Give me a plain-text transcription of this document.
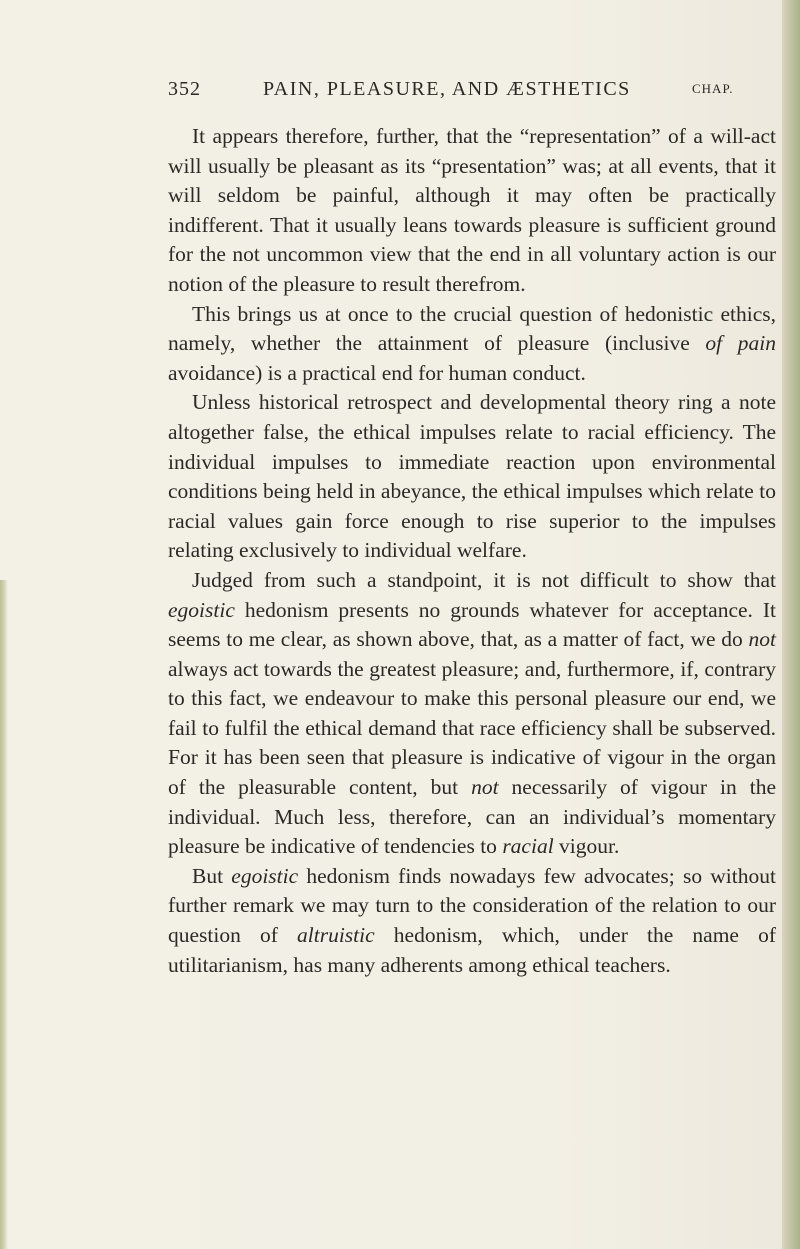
352	PAIN, PLEASURE, AND ÆSTHETICS	CHAP.

It appears therefore, further, that the “representation” of a will-act will usually be pleasant as its “presentation” was; at all events, that it will seldom be painful, although it may often be practically indifferent. That it usually leans towards pleasure is sufficient ground for the not uncommon view that the end in all voluntary action is our notion of the pleasure to result therefrom.

This brings us at once to the crucial question of hedonistic ethics, namely, whether the attainment of pleasure (inclusive of pain avoidance) is a practical end for human conduct.

Unless historical retrospect and developmental theory ring a note altogether false, the ethical impulses relate to racial efficiency. The individual impulses to immediate reaction upon environmental conditions being held in abeyance, the ethical impulses which relate to racial values gain force enough to rise superior to the impulses relating exclusively to individual welfare.

Judged from such a standpoint, it is not difficult to show that egoistic hedonism presents no grounds whatever for acceptance. It seems to me clear, as shown above, that, as a matter of fact, we do not always act towards the greatest pleasure; and, furthermore, if, contrary to this fact, we endeavour to make this personal pleasure our end, we fail to fulfil the ethical demand that race efficiency shall be subserved. For it has been seen that pleasure is indicative of vigour in the organ of the pleasurable content, but not necessarily of vigour in the individual. Much less, therefore, can an individual’s momentary pleasure be indicative of tendencies to racial vigour.

But egoistic hedonism finds nowadays few advocates; so without further remark we may turn to the consideration of the relation to our question of altruistic hedonism, which, under the name of utilitarianism, has many adherents among ethical teachers.
